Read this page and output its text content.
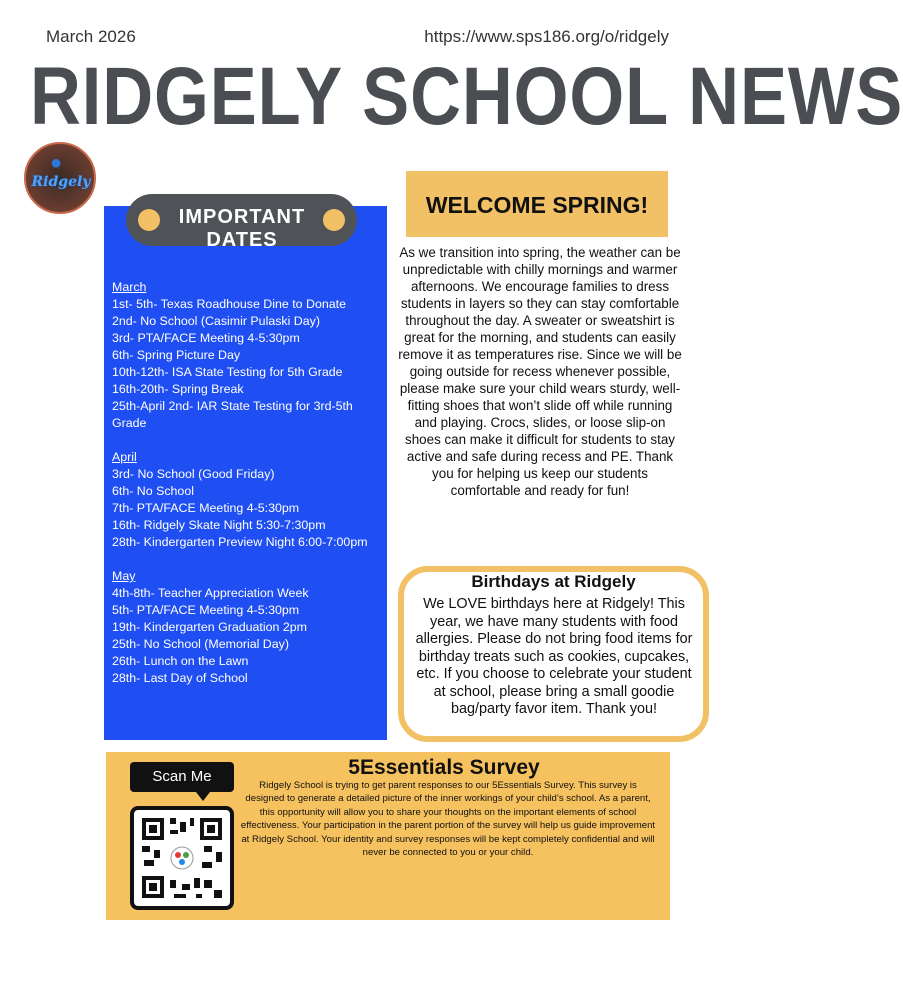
March 2026	https://www.sps186.org/o/ridgely
RIDGELY SCHOOL NEWS
●
Ridgely
IMPORTANT DATES
March
1st- 5th- Texas Roadhouse Dine to Donate
2nd- No School (Casimir Pulaski Day)
3rd- PTA/FACE Meeting 4-5:30pm
6th- Spring Picture Day
10th-12th- ISA State Testing for 5th Grade
16th-20th- Spring Break
25th-April 2nd- IAR State Testing for 3rd-5th Grade
April
3rd- No School (Good Friday)
6th- No School
7th- PTA/FACE Meeting 4-5:30pm
16th- Ridgely Skate Night 5:30-7:30pm
28th- Kindergarten Preview Night 6:00-7:00pm
May
4th-8th- Teacher Appreciation Week
5th- PTA/FACE Meeting 4-5:30pm
19th- Kindergarten Graduation 2pm
25th- No School (Memorial Day)
26th- Lunch on the Lawn
28th- Last Day of School
WELCOME SPRING!
As we transition into spring, the weather can be unpredictable with chilly mornings and warmer afternoons. We encourage families to dress students in layers so they can stay comfortable throughout the day. A sweater or sweatshirt is great for the morning, and students can easily remove it as temperatures rise. Since we will be going outside for recess whenever possible, please make sure your child wears sturdy, well-fitting shoes that won’t slide off while running and playing. Crocs, slides, or loose slip-on shoes can make it difficult for students to stay active and safe during recess and PE. Thank you for helping us keep our students comfortable and ready for fun!
Birthdays at Ridgely
We LOVE birthdays here at Ridgely! This year, we have many students with food allergies. Please do not bring food items for birthday treats such as cookies, cupcakes, etc. If you choose to celebrate your student at school, please bring a small goodie bag/party favor item. Thank you!
5Essentials Survey
Ridgely School is trying to get parent responses to our 5Essentials Survey. This survey is designed to generate a detailed picture of the inner workings of your child’s school. As a parent, this opportunity will allow you to share your thoughts on the important elements of school effectiveness. Your participation in the parent portion of the survey will help us guide improvement at Ridgely School. Your identity and survey responses will be kept completely confidential and will never be connected to you or your child.
Scan Me
